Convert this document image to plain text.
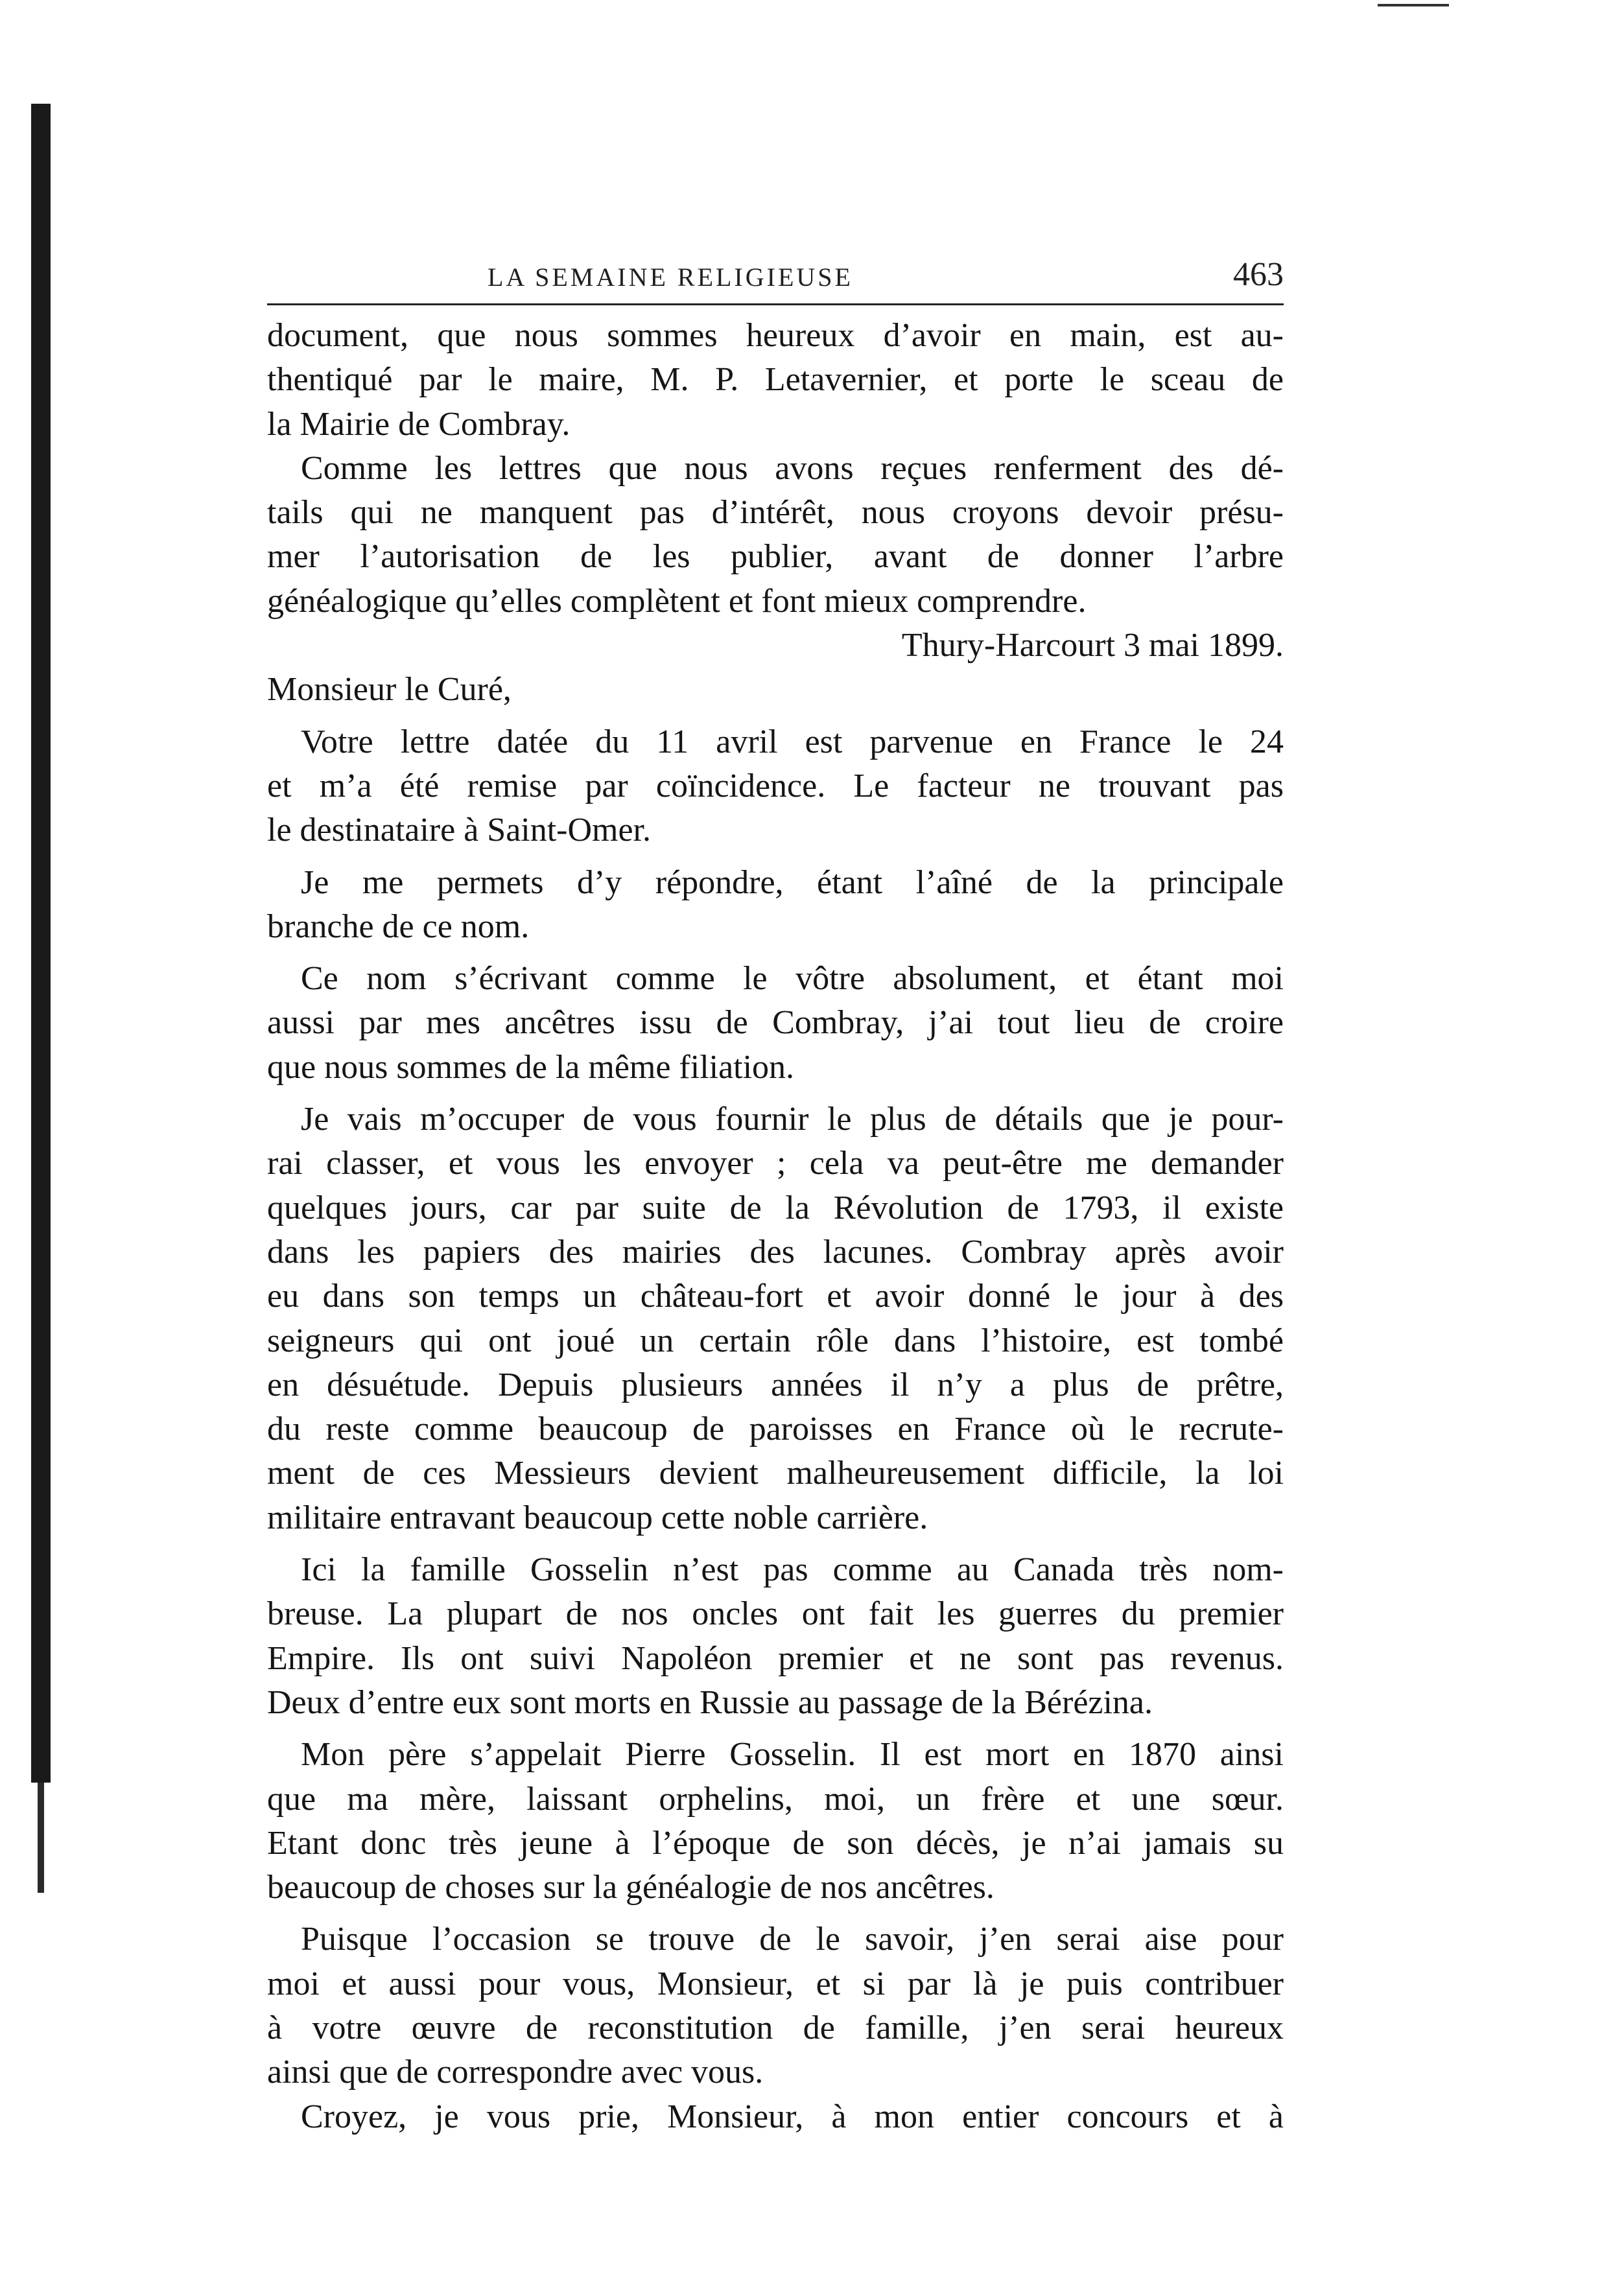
LA SEMAINE RELIGIEUSE	463
document, que nous sommes heureux d’avoir en main, est au-
thentiqué par le maire, M. P. Letavernier, et porte le sceau de
la Mairie de Combray.
Comme les lettres que nous avons reçues renferment des dé-
tails qui ne manquent pas d’intérêt, nous croyons devoir présu-
mer l’autorisation de les publier, avant de donner l’arbre
généalogique qu’elles complètent et font mieux comprendre.
Thury-Harcourt 3 mai 1899.
Monsieur le Curé,
Votre lettre datée du 11 avril est parvenue en France le 24
et m’a été remise par coïncidence. Le facteur ne trouvant pas
le destinataire à Saint-Omer.
Je me permets d’y répondre, étant l’aîné de la principale
branche de ce nom.
Ce nom s’écrivant comme le vôtre absolument, et étant moi
aussi par mes ancêtres issu de Combray, j’ai tout lieu de croire
que nous sommes de la même filiation.
Je vais m’occuper de vous fournir le plus de détails que je pour-
rai classer, et vous les envoyer ; cela va peut-être me demander
quelques jours, car par suite de la Révolution de 1793, il existe
dans les papiers des mairies des lacunes. Combray après avoir
eu dans son temps un château-fort et avoir donné le jour à des
seigneurs qui ont joué un certain rôle dans l’histoire, est tombé
en désuétude. Depuis plusieurs années il n’y a plus de prêtre,
du reste comme beaucoup de paroisses en France où le recrute-
ment de ces Messieurs devient malheureusement difficile, la loi
militaire entravant beaucoup cette noble carrière.
Ici la famille Gosselin n’est pas comme au Canada très nom-
breuse. La plupart de nos oncles ont fait les guerres du premier
Empire. Ils ont suivi Napoléon premier et ne sont pas revenus.
Deux d’entre eux sont morts en Russie au passage de la Bérézina.
Mon père s’appelait Pierre Gosselin. Il est mort en 1870 ainsi
que ma mère, laissant orphelins, moi, un frère et une sœur.
Etant donc très jeune à l’époque de son décès, je n’ai jamais su
beaucoup de choses sur la généalogie de nos ancêtres.
Puisque l’occasion se trouve de le savoir, j’en serai aise pour
moi et aussi pour vous, Monsieur, et si par là je puis contribuer
à votre œuvre de reconstitution de famille, j’en serai heureux
ainsi que de correspondre avec vous.
Croyez, je vous prie, Monsieur, à mon entier concours et à
